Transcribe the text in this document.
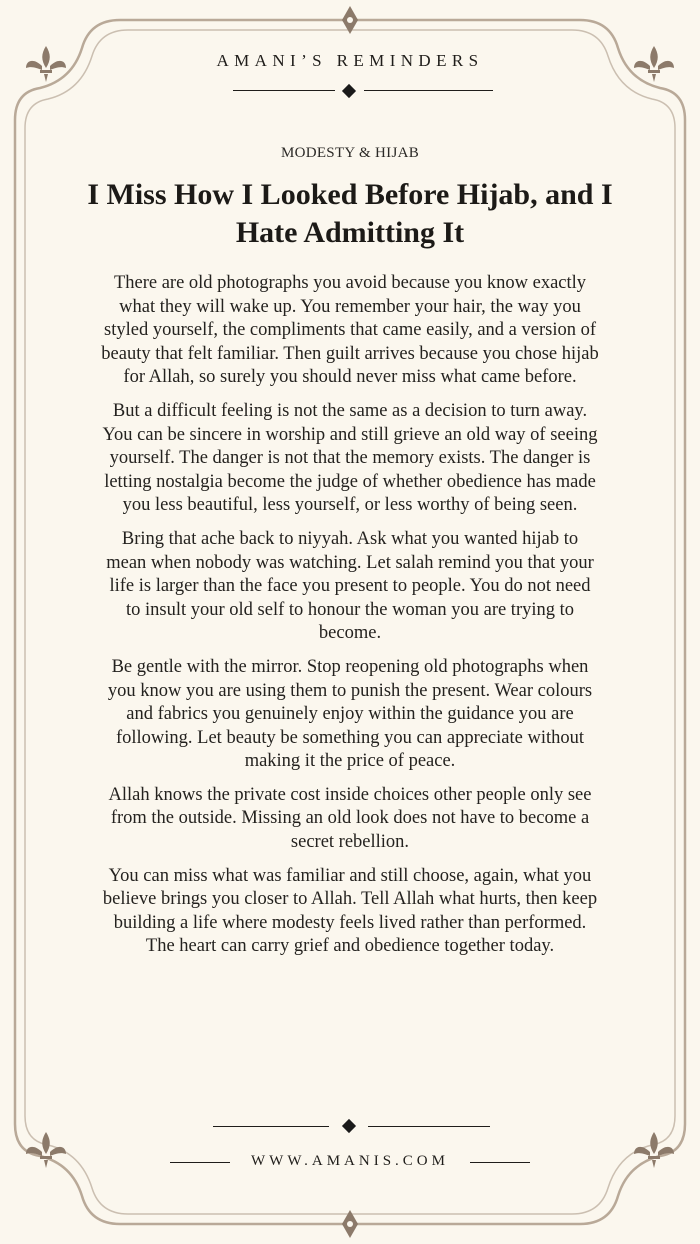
AMANI’S REMINDERS
MODESTY & HIJAB
I Miss How I Looked Before Hijab, and I Hate Admitting It

There are old photographs you avoid because you know exactly what they will wake up. You remember your hair, the way you styled yourself, the compliments that came easily, and a version of beauty that felt familiar. Then guilt arrives because you chose hijab for Allah, so surely you should never miss what came before.

But a difficult feeling is not the same as a decision to turn away. You can be sincere in worship and still grieve an old way of seeing yourself. The danger is not that the memory exists. The danger is letting nostalgia become the judge of whether obedience has made you less beautiful, less yourself, or less worthy of being seen.

Bring that ache back to niyyah. Ask what you wanted hijab to mean when nobody was watching. Let salah remind you that your life is larger than the face you present to people. You do not need to insult your old self to honour the woman you are trying to become.

Be gentle with the mirror. Stop reopening old photographs when you know you are using them to punish the present. Wear colours and fabrics you genuinely enjoy within the guidance you are following. Let beauty be something you can appreciate without making it the price of peace.

Allah knows the private cost inside choices other people only see from the outside. Missing an old look does not have to become a secret rebellion.

You can miss what was familiar and still choose, again, what you believe brings you closer to Allah. Tell Allah what hurts, then keep building a life where modesty feels lived rather than performed. The heart can carry grief and obedience together today.

WWW.AMANIS.COM
